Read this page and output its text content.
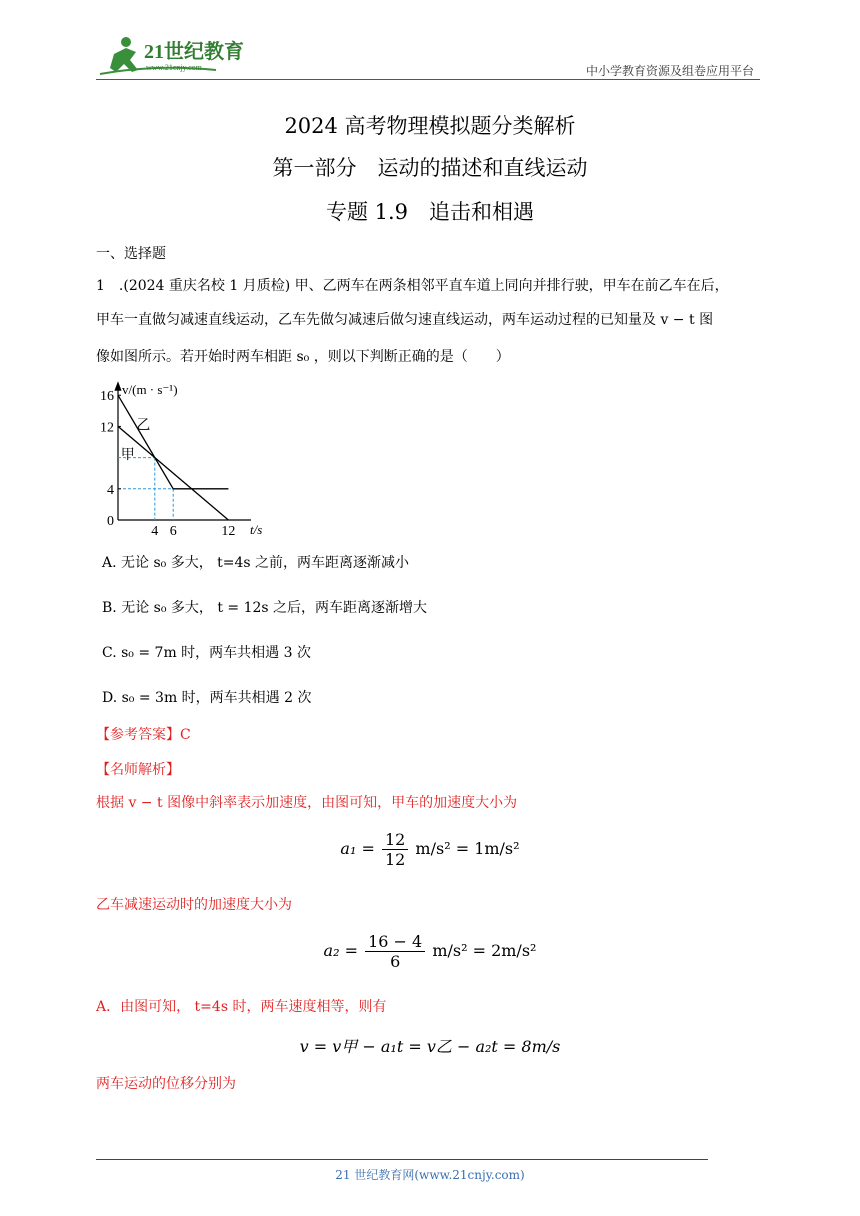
21世纪教育
www.21cnjy.com	中小学教育资源及组卷应用平台
2024 高考物理模拟题分类解析
第一部分　运动的描述和直线运动
专题 1.9　追击和相遇
一、选择题
1　.(2024 重庆名校 1 月质检) 甲、乙两车在两条相邻平直车道上同向并排行驶，甲车在前乙车在后，
甲车一直做匀减速直线运动，乙车先做匀减速后做匀速直线运动，两车运动过程的已知量及 v − t 图
像如图所示。若开始时两车相距 s₀ ，则以下判断正确的是（　　）
v/(m · s⁻¹)
t/s
乙
甲
16
12
4
0
4 6	12
A. 无论 s₀ 多大， t=4s 之前，两车距离逐渐减小
B. 无论 s₀ 多大， t = 12s 之后，两车距离逐渐增大
C. s₀ = 7m 时，两车共相遇 3 次
D. s₀ = 3m 时，两车共相遇 2 次
【参考答案】C
【名师解析】
根据 v − t 图像中斜率表示加速度，由图可知，甲车的加速度大小为
$a_1 = \frac{12}{12} m/s^2 = 1m/s^2$
乙车减速运动时的加速度大小为
$a_2 = \frac{16 - 4}{6} m/s^2 = 2m/s^2$
A．由图可知， t=4s 时，两车速度相等，则有
v = v甲 − a₁t = v乙 − a₂t = 8m/s
两车运动的位移分别为
21 世纪教育网(www.21cnjy.com)
